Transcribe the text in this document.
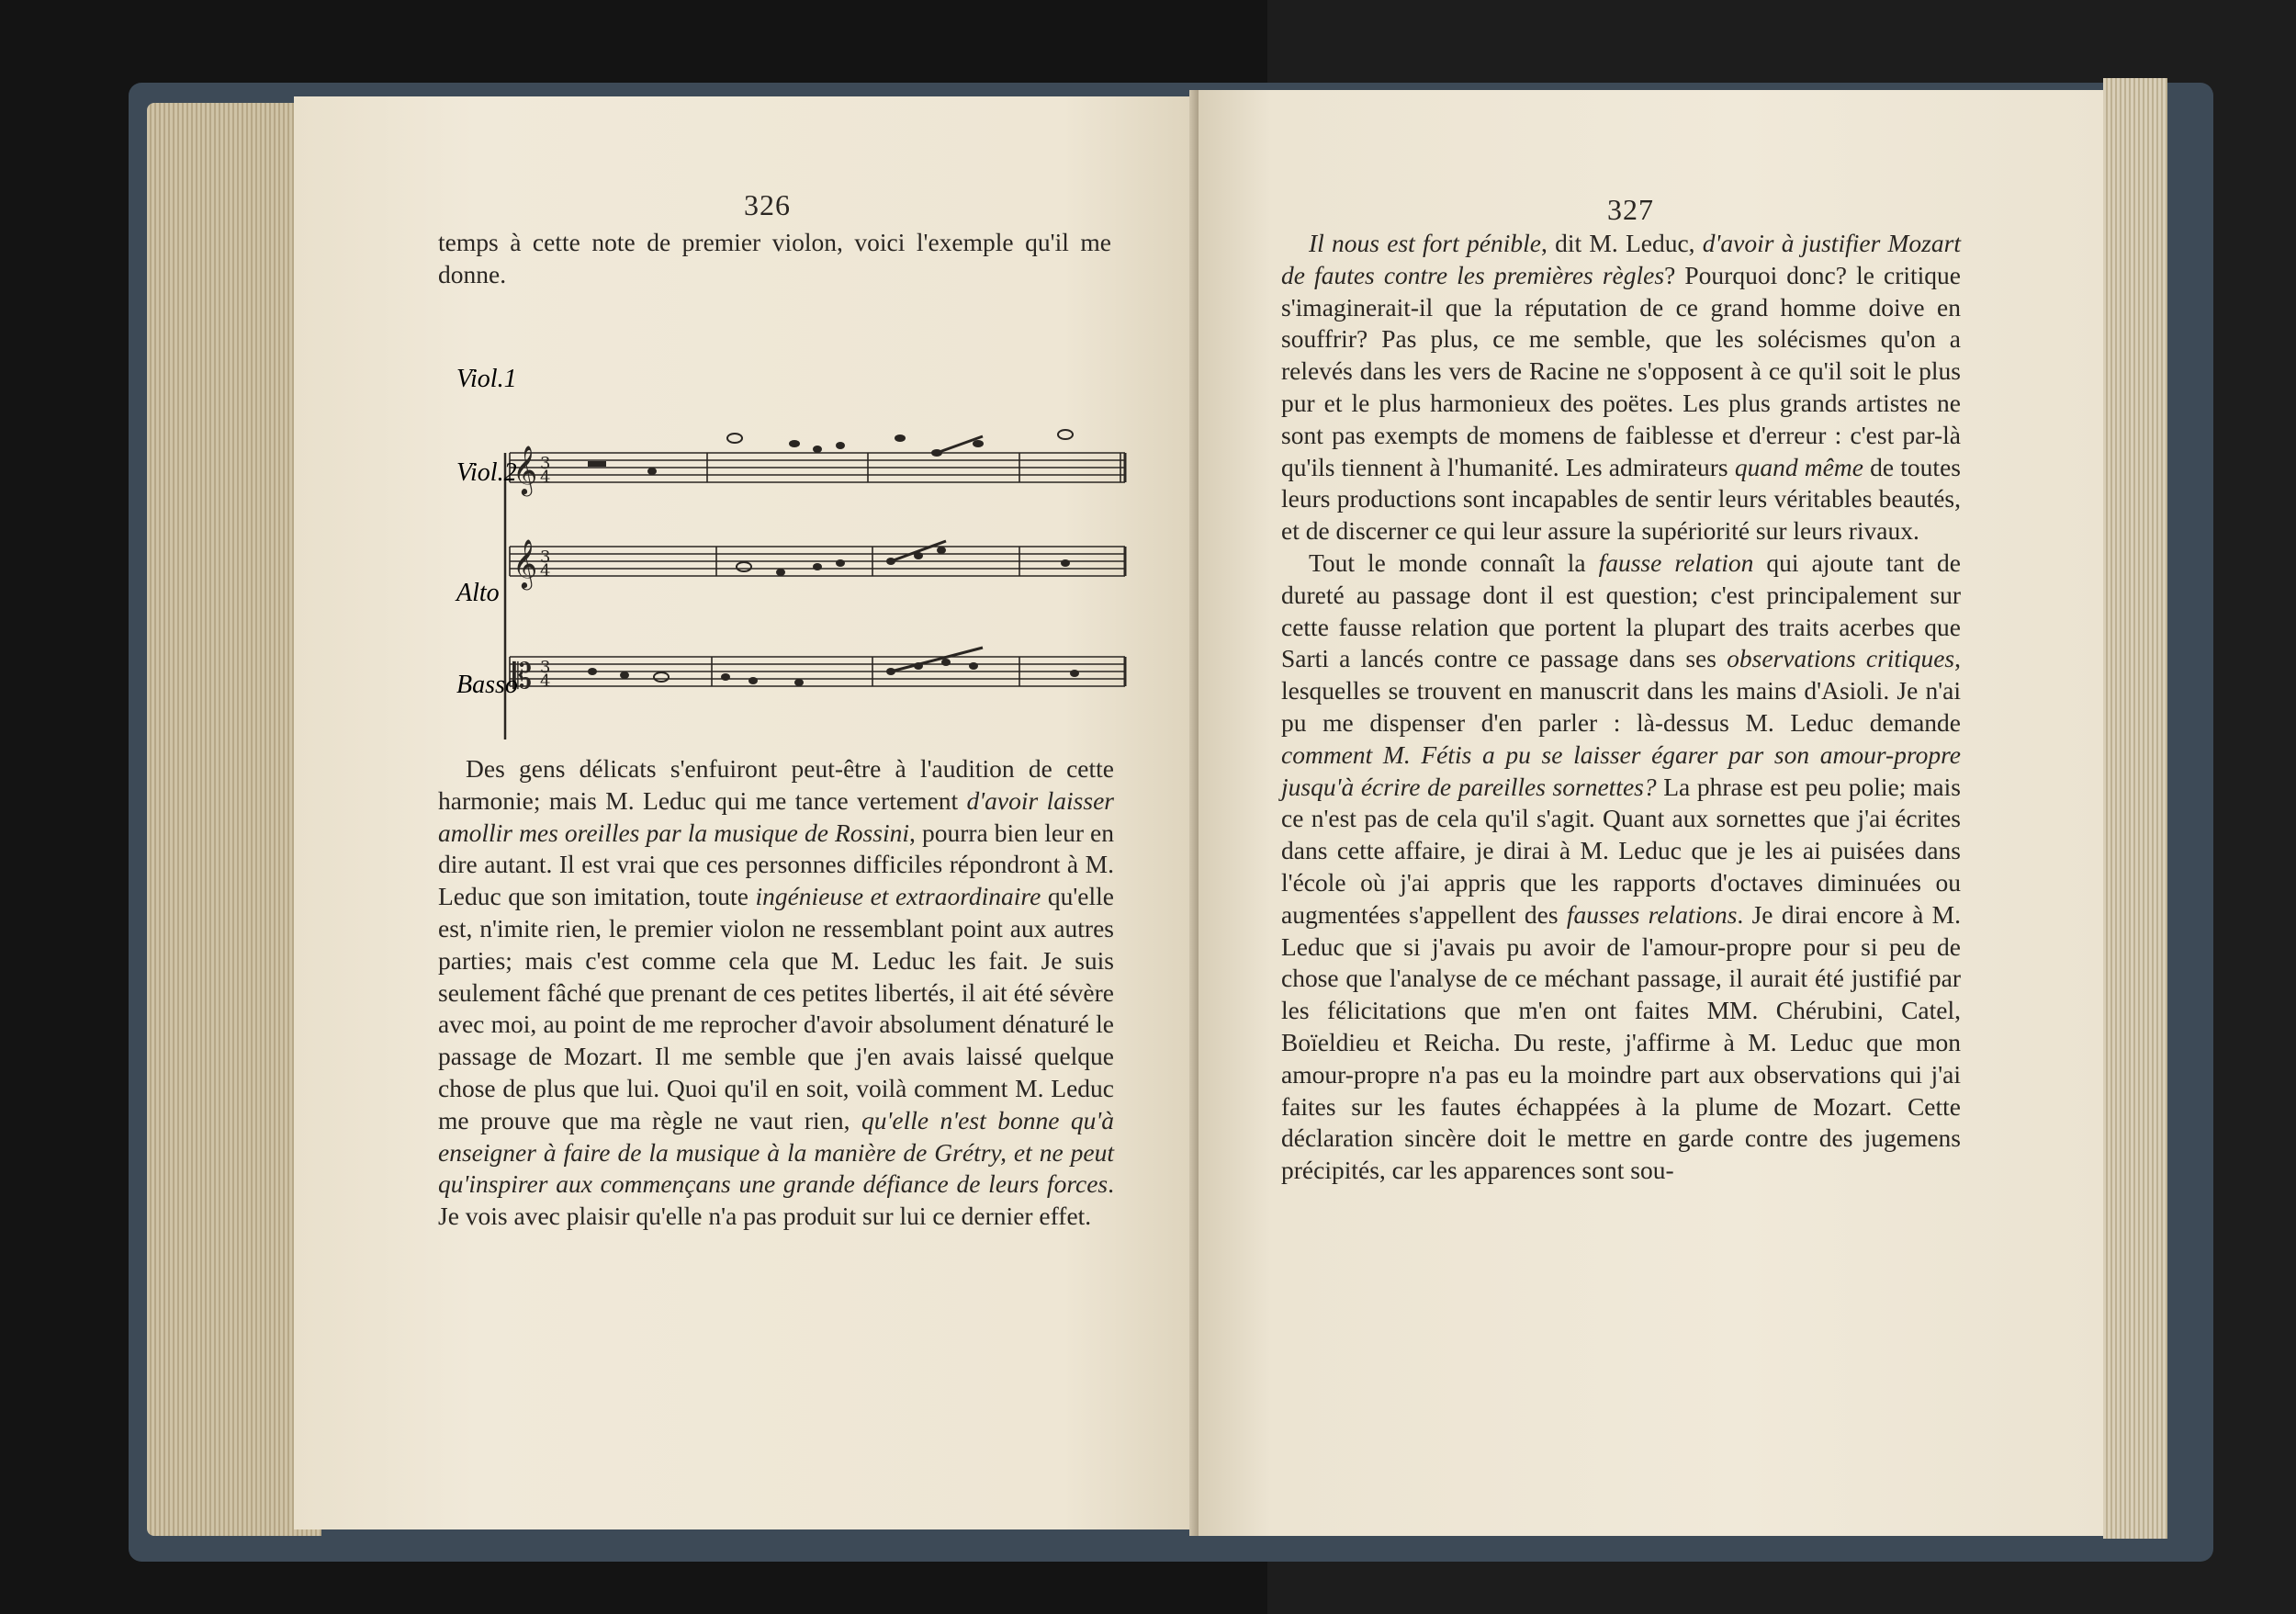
326

temps à cette note de premier violon, voici l'exemple qu'il me donne.

𝄞
𝄞
𝄡
3
4
3
4
3
4

Des gens délicats s'enfuiront peut-être à l'audition de cette harmonie; mais M. Leduc qui me tance vertement d'avoir laisser amollir mes oreilles par la musique de Rossini, pourra bien leur en dire autant. Il est vrai que ces personnes difficiles répondront à M. Leduc que son imitation, toute ingénieuse et extraordinaire qu'elle est, n'imite rien, le premier violon ne ressemblant point aux autres parties; mais c'est comme cela que M. Leduc les fait. Je suis seulement fâché que prenant de ces petites libertés, il ait été sévère avec moi, au point de me reprocher d'avoir absolument dénaturé le passage de Mozart. Il me semble que j'en avais laissé quelque chose de plus que lui. Quoi qu'il en soit, voilà comment M. Leduc me prouve que ma règle ne vaut rien, qu'elle n'est bonne qu'à enseigner à faire de la musique à la manière de Grétry, et ne peut qu'inspirer aux commençans une grande défiance de leurs forces. Je vois avec plaisir qu'elle n'a pas produit sur lui ce dernier effet.

Viol.1
Viol.2
Alto
Basso
327

Il nous est fort pénible, dit M. Leduc, d'avoir à justifier Mozart de fautes contre les premières règles? Pourquoi donc? le critique s'imaginerait-il que la réputation de ce grand homme doive en souffrir? Pas plus, ce me semble, que les solécismes qu'on a relevés dans les vers de Racine ne s'opposent à ce qu'il soit le plus pur et le plus harmonieux des poëtes. Les plus grands artistes ne sont pas exempts de momens de faiblesse et d'erreur : c'est par-là qu'ils tiennent à l'humanité. Les admirateurs quand même de toutes leurs productions sont incapables de sentir leurs véritables beautés, et de discerner ce qui leur assure la supériorité sur leurs rivaux.

Tout le monde connaît la fausse relation qui ajoute tant de dureté au passage dont il est question; c'est principalement sur cette fausse relation que portent la plupart des traits acerbes que Sarti a lancés contre ce passage dans ses observations critiques, lesquelles se trouvent en manuscrit dans les mains d'Asioli. Je n'ai pu me dispenser d'en parler : là-dessus M. Leduc demande comment M. Fétis a pu se laisser égarer par son amour-propre jusqu'à écrire de pareilles sornettes? La phrase est peu polie; mais ce n'est pas de cela qu'il s'agit. Quant aux sornettes que j'ai écrites dans cette affaire, je dirai à M. Leduc que je les ai puisées dans l'école où j'ai appris que les rapports d'octaves diminuées ou augmentées s'appellent des fausses relations. Je dirai encore à M. Leduc que si j'avais pu avoir de l'amour-propre pour si peu de chose que l'analyse de ce méchant passage, il aurait été justifié par les félicitations que m'en ont faites MM. Chérubini, Catel, Boïeldieu et Reicha. Du reste, j'affirme à M. Leduc que mon amour-propre n'a pas eu la moindre part aux observations qui j'ai faites sur les fautes échappées à la plume de Mozart. Cette déclaration sincère doit le mettre en garde contre des jugemens précipités, car les apparences sont sou-
